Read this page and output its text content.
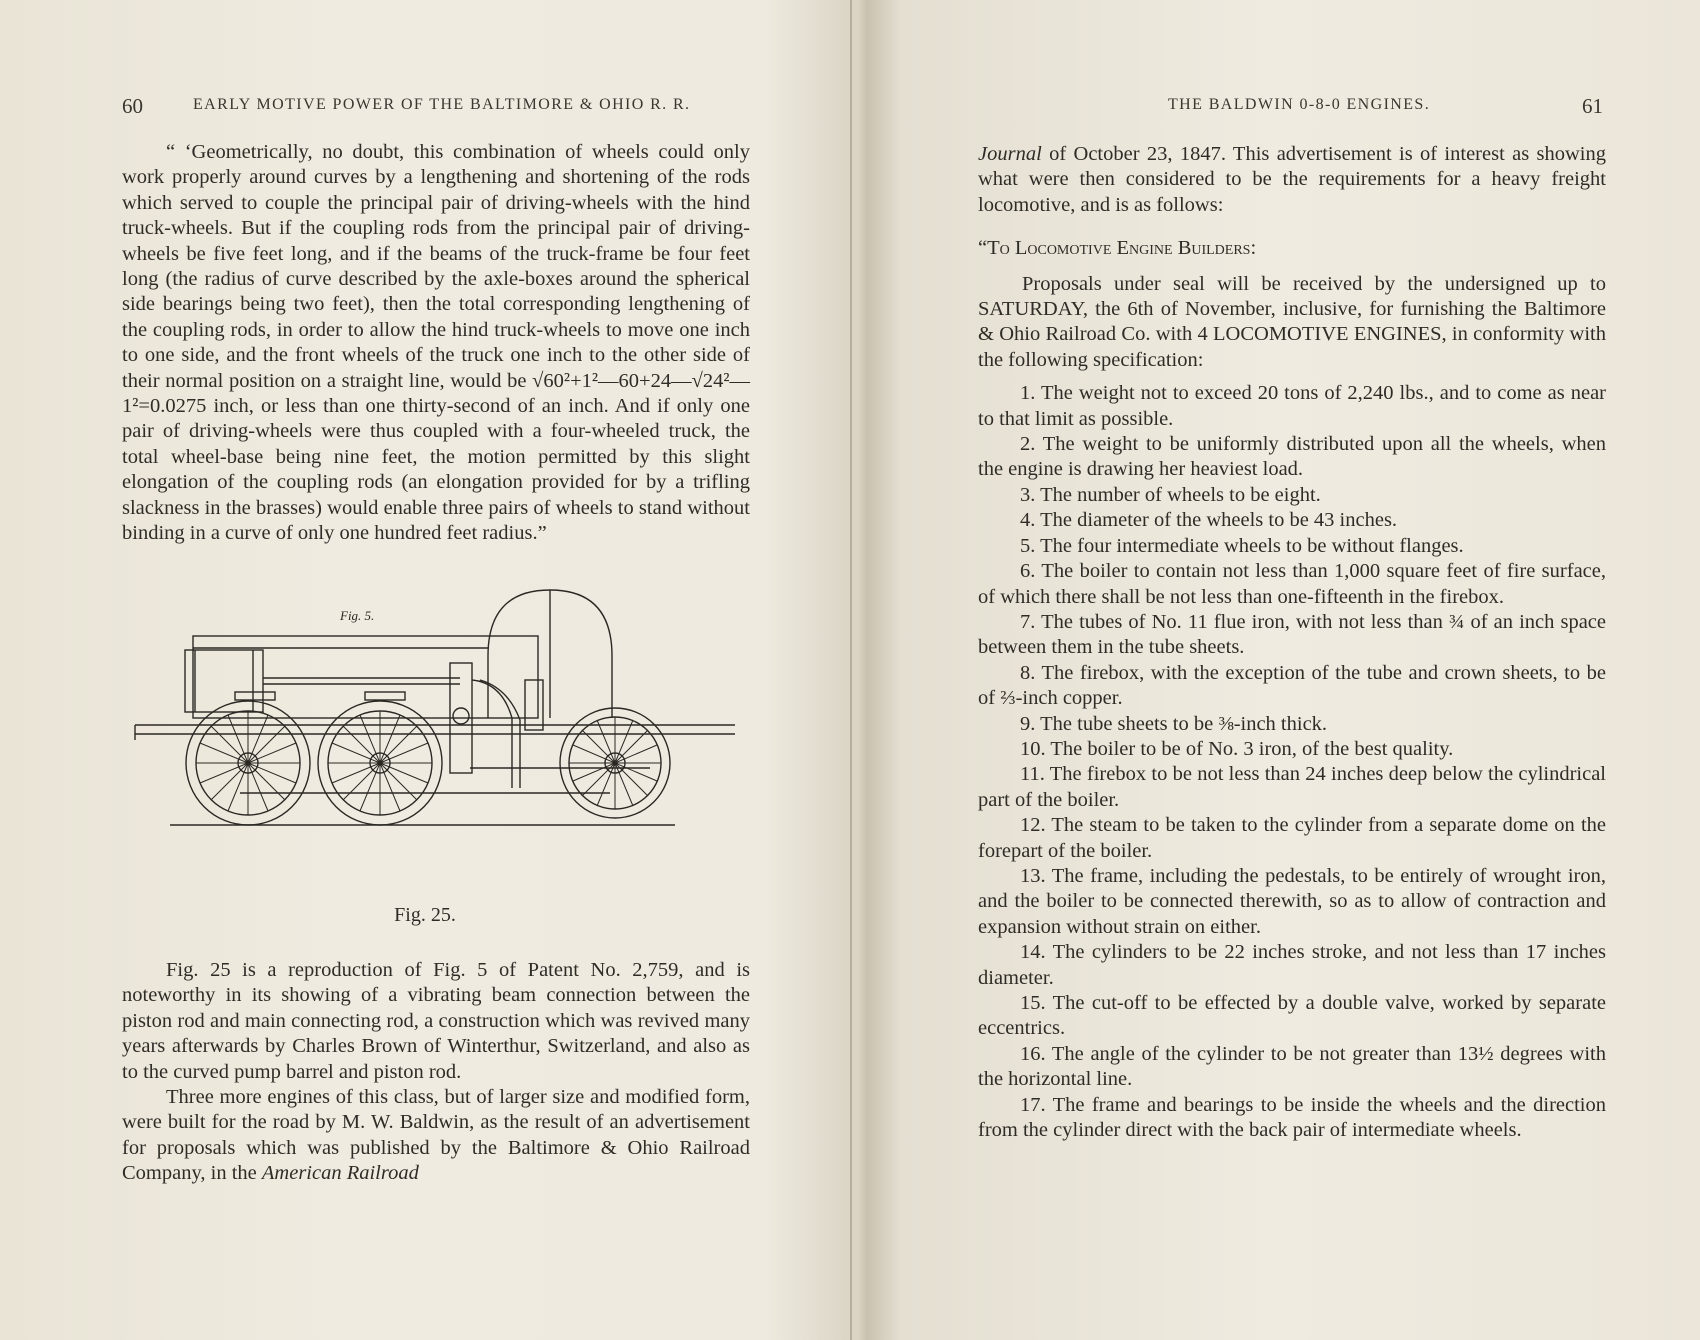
60	EARLY MOTIVE POWER OF THE BALTIMORE & OHIO R. R.

“ ‘Geometrically, no doubt, this combination of wheels could only work properly around curves by a lengthening and shortening of the rods which served to couple the principal pair of driving-wheels with the hind truck-wheels. But if the coupling rods from the principal pair of driving-wheels be five feet long, and if the beams of the truck-frame be four feet long (the radius of curve described by the axle-boxes around the spherical side bearings being two feet), then the total corresponding lengthening of the coupling rods, in order to allow the hind truck-wheels to move one inch to one side, and the front wheels of the truck one inch to the other side of their normal position on a straight line, would be √60²+1²—60+24—√24²—1²=0.0275 inch, or less than one thirty-second of an inch. And if only one pair of driving-wheels were thus coupled with a four-wheeled truck, the total wheel-base being nine feet, the motion permitted by this slight elongation of the coupling rods (an elongation provided for by a trifling slackness in the brasses) would enable three pairs of wheels to stand without binding in a curve of only one hundred feet radius.”

Fig. 5.
Fig. 25.

Fig. 25 is a reproduction of Fig. 5 of Patent No. 2,759, and is noteworthy in its showing of a vibrating beam connection between the piston rod and main connecting rod, a construction which was revived many years afterwards by Charles Brown of Winterthur, Switzerland, and also as to the curved pump barrel and piston rod.

Three more engines of this class, but of larger size and modified form, were built for the road by M. W. Baldwin, as the result of an advertisement for proposals which was published by the Baltimore & Ohio Railroad Company, in the American Railroad

THE BALDWIN 0-8-0 ENGINES.	61

Journal of October 23, 1847. This advertisement is of interest as showing what were then considered to be the requirements for a heavy freight locomotive, and is as follows:

“To Locomotive Engine Builders:

Proposals under seal will be received by the undersigned up to SATURDAY, the 6th of November, inclusive, for furnishing the Baltimore & Ohio Railroad Co. with 4 LOCOMOTIVE ENGINES, in conformity with the following specification:

1. The weight not to exceed 20 tons of 2,240 lbs., and to come as near to that limit as possible.

2. The weight to be uniformly distributed upon all the wheels, when the engine is drawing her heaviest load.

3. The number of wheels to be eight.

4. The diameter of the wheels to be 43 inches.

5. The four intermediate wheels to be without flanges.

6. The boiler to contain not less than 1,000 square feet of fire surface, of which there shall be not less than one-fifteenth in the firebox.

7. The tubes of No. 11 flue iron, with not less than ¾ of an inch space between them in the tube sheets.

8. The firebox, with the exception of the tube and crown sheets, to be of ⅔-inch copper.

9. The tube sheets to be ⅜-inch thick.

10. The boiler to be of No. 3 iron, of the best quality.

11. The firebox to be not less than 24 inches deep below the cylindrical part of the boiler.

12. The steam to be taken to the cylinder from a separate dome on the forepart of the boiler.

13. The frame, including the pedestals, to be entirely of wrought iron, and the boiler to be connected therewith, so as to allow of contraction and expansion without strain on either.

14. The cylinders to be 22 inches stroke, and not less than 17 inches diameter.

15. The cut-off to be effected by a double valve, worked by separate eccentrics.

16. The angle of the cylinder to be not greater than 13½ degrees with the horizontal line.

17. The frame and bearings to be inside the wheels and the direction from the cylinder direct with the back pair of intermediate wheels.
